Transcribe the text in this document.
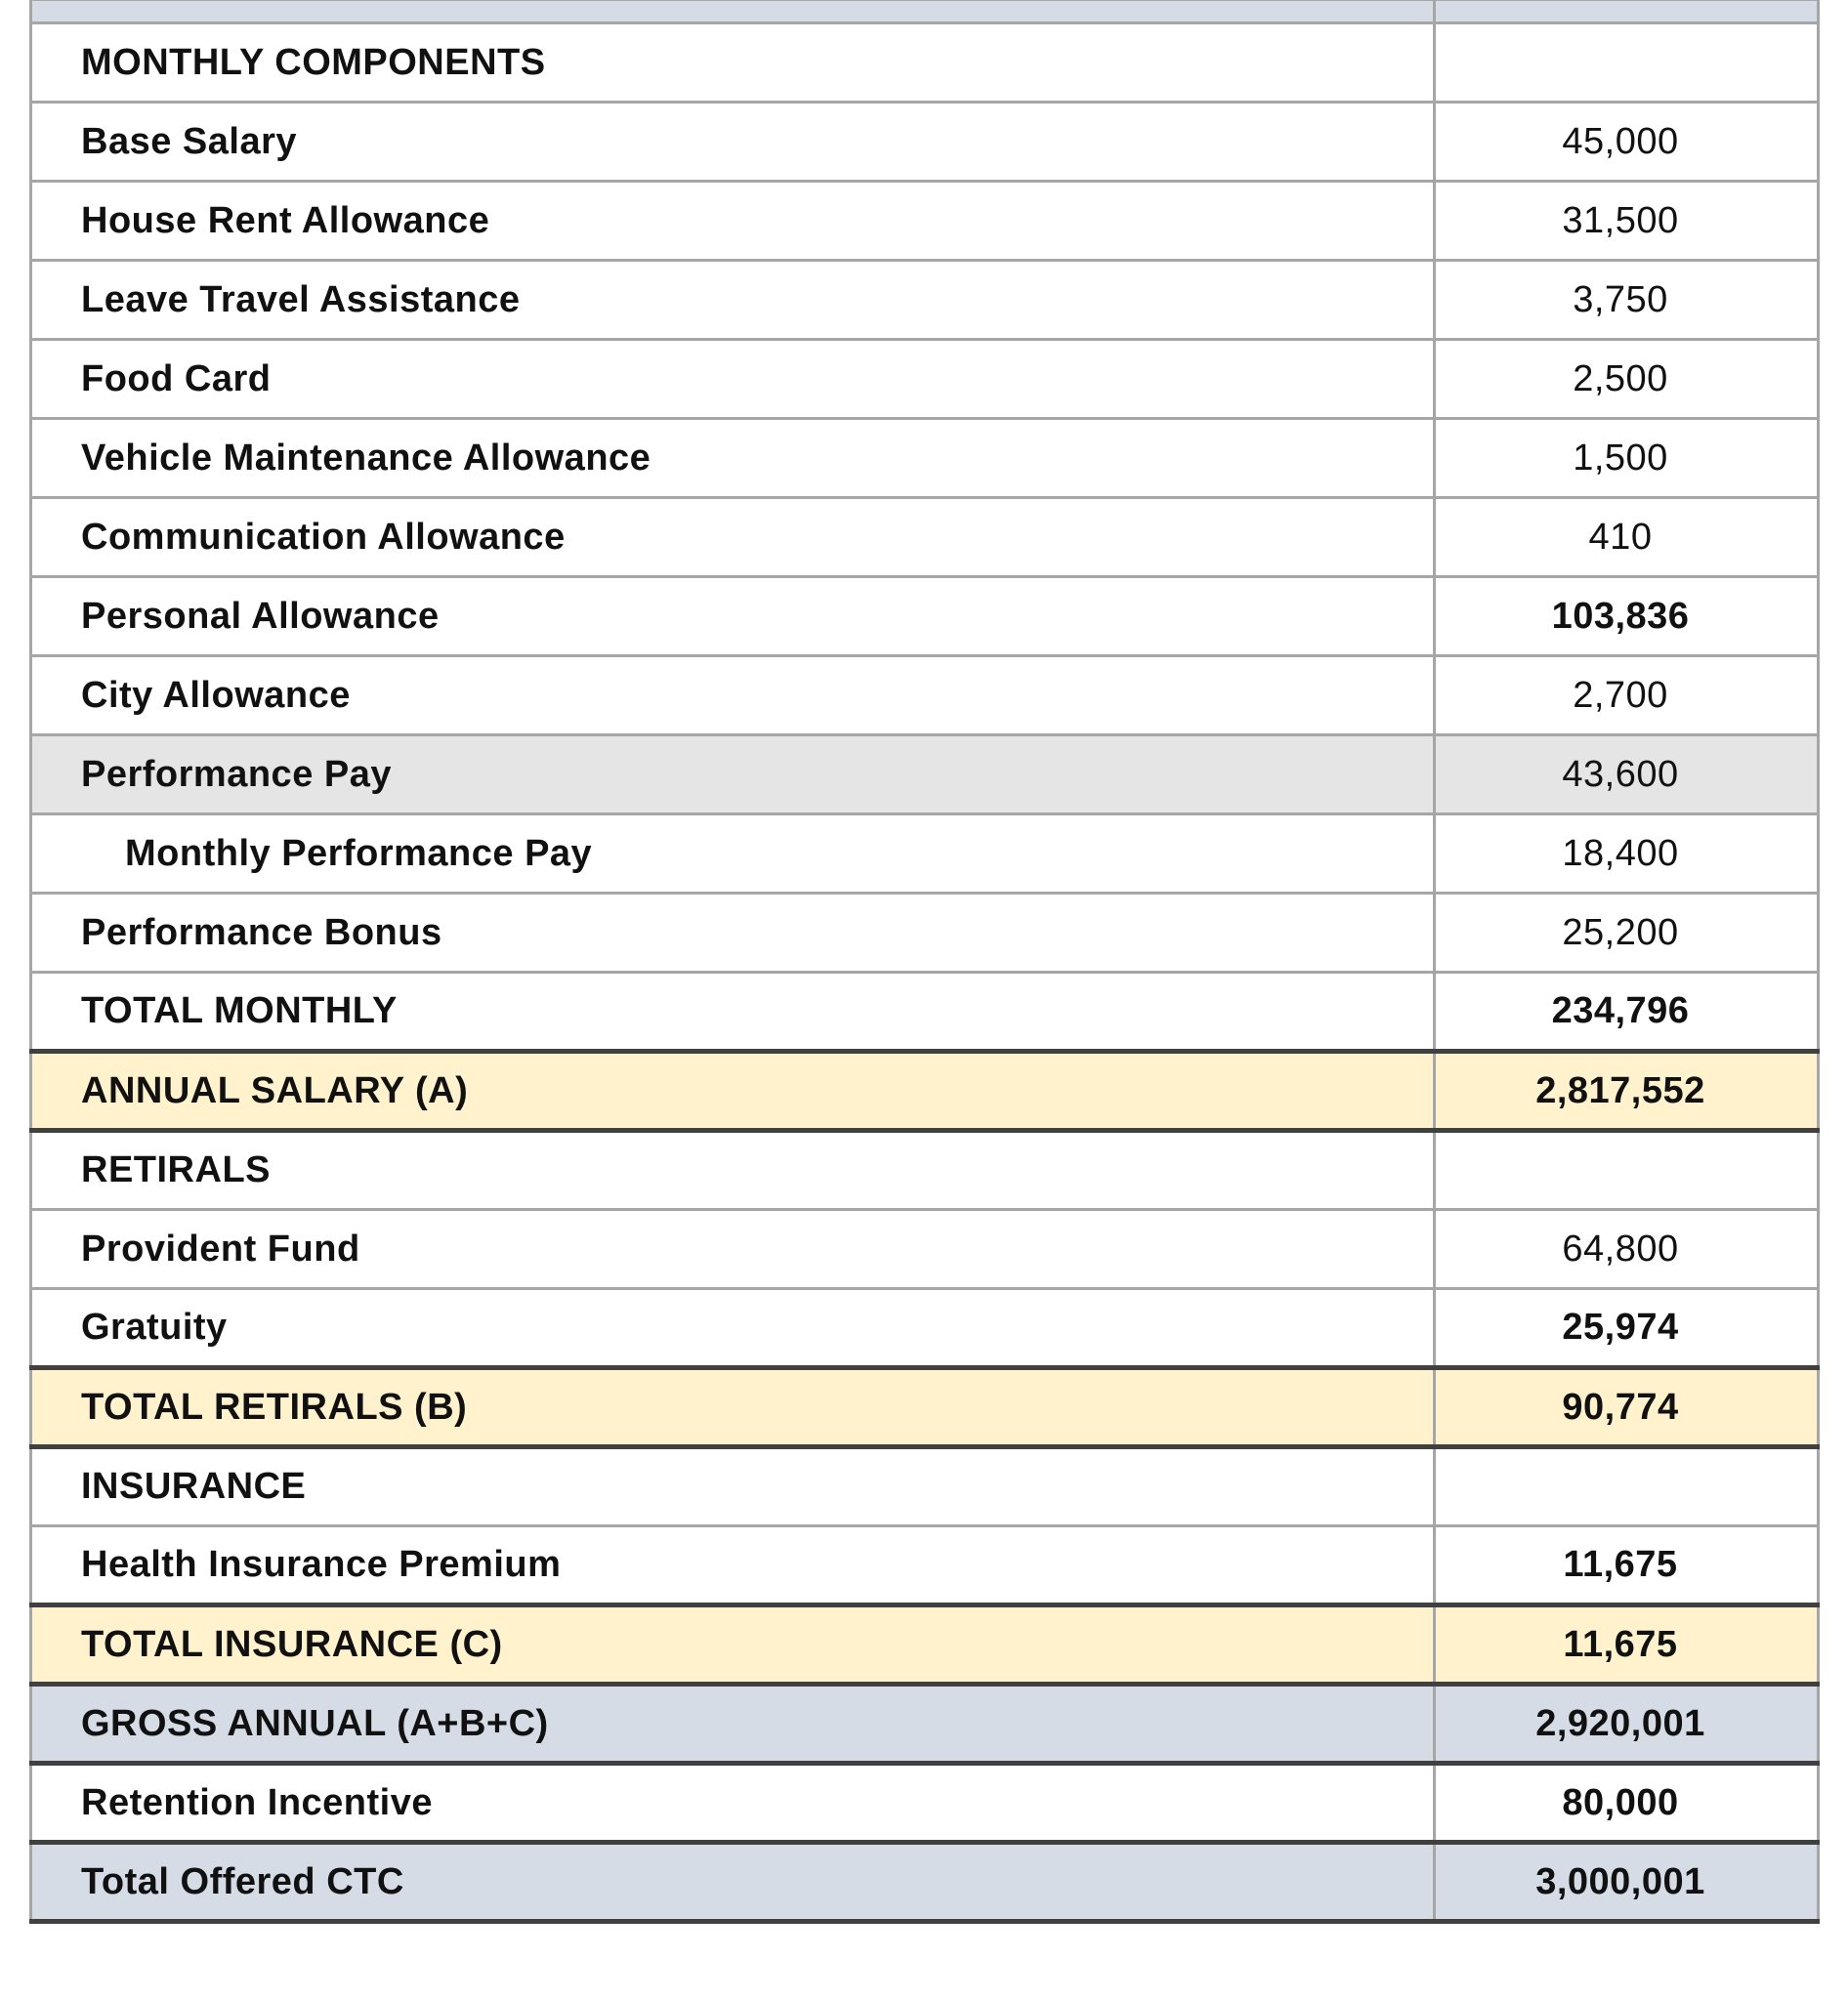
MONTHLY COMPONENTS	
Base Salary	45,000
House Rent Allowance	31,500
Leave Travel Assistance	3,750
Food Card	2,500
Vehicle Maintenance Allowance	1,500
Communication Allowance	410
Personal Allowance	103,836
City Allowance	2,700
Performance Pay	43,600
Monthly Performance Pay	18,400
Performance Bonus	25,200
TOTAL MONTHLY	234,796
ANNUAL SALARY (A)	2,817,552
RETIRALS	
Provident Fund	64,800
Gratuity	25,974
TOTAL RETIRALS (B)	90,774
INSURANCE	
Health Insurance Premium	11,675
TOTAL INSURANCE (C)	11,675
GROSS ANNUAL (A+B+C)	2,920,001
Retention Incentive	80,000
Total Offered CTC	3,000,001
